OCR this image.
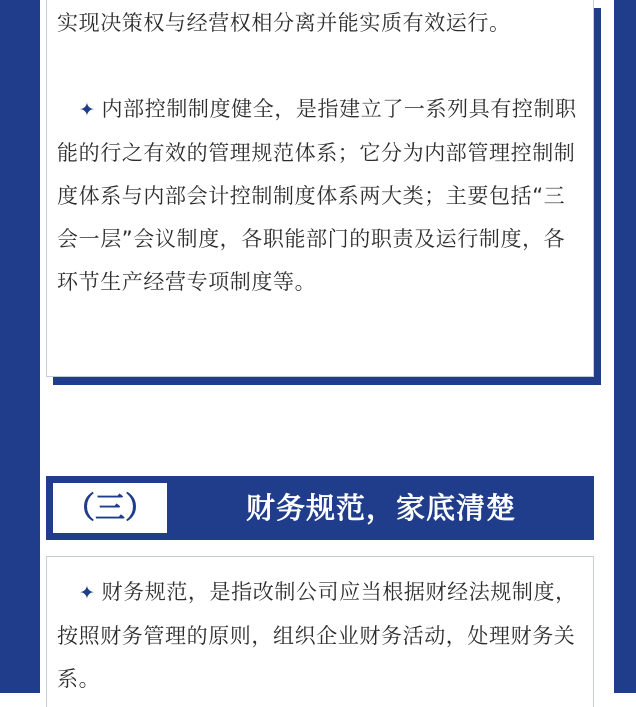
实现决策权与经营权相分离并能实质有效运行。

✦ 内部控制制度健全，是指建立了一系列具有控制职能的行之有效的管理规范体系；它分为内部管理控制制度体系与内部会计控制制度体系两大类；主要包括“三会一层”会议制度，各职能部门的职责及运行制度，各环节生产经营专项制度等。

（三）	财务规范，家底清楚

✦ 财务规范，是指改制公司应当根据财经法规制度，按照财务管理的原则，组织企业财务活动，处理财务关系。
